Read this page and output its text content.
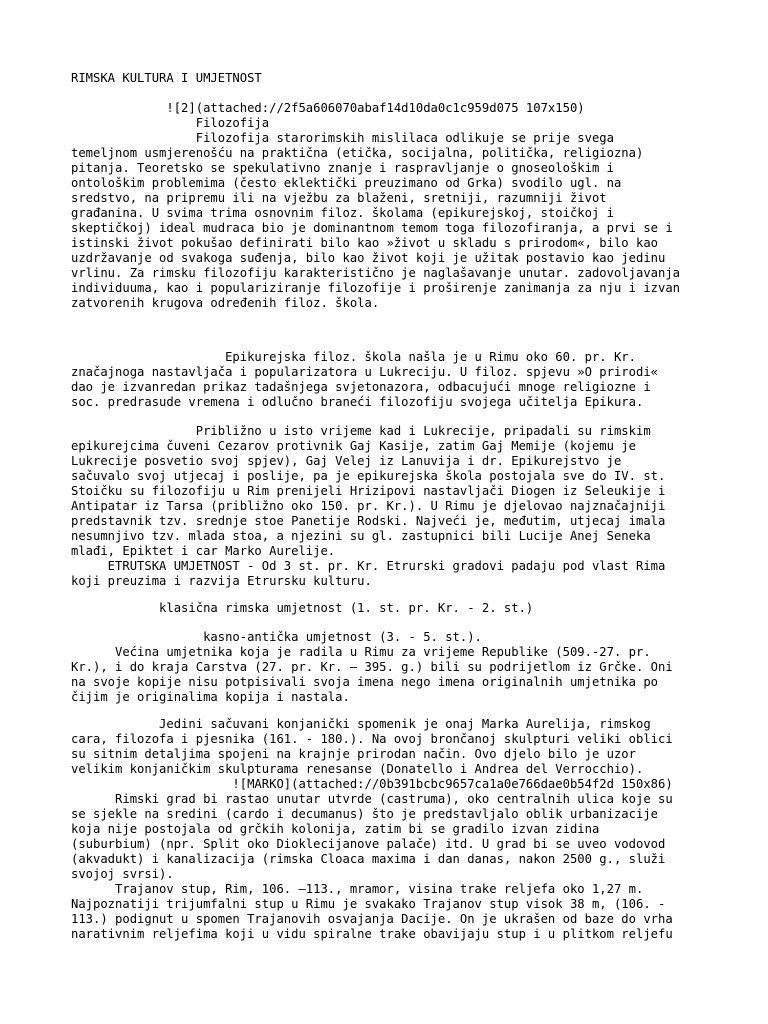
RIMSKA KULTURA I UMJETNOST

![2](attached://2f5a606070abaf14d10da0c1c959d075 107x150)

Filozofija

Filozofija starorimskih mislilaca odlikuje se prije svega

temeljnom usmjerenošću na praktična (etička, socijalna, politička, religiozna)

pitanja. Teoretsko se spekulativno znanje i raspravljanje o gnoseološkim i

ontološkim problemima (često eklektički preuzimano od Grka) svodilo ugl. na

sredstvo, na pripremu ili na vježbu za blaženi, sretniji, razumniji život

građanina. U svima trima osnovnim filoz. školama (epikurejskoj, stoičkoj i

skeptičkoj) ideal mudraca bio je dominantnom temom toga filozofiranja, a prvi se i

istinski život pokušao definirati bilo kao »život u skladu s prirodom«, bilo kao

uzdržavanje od svakoga suđenja, bilo kao život koji je užitak postavio kao jedinu

vrlinu. Za rimsku filozofiju karakteristično je naglašavanje unutar. zadovoljavanja

individuuma, kao i populariziranje filozofije i proširenje zanimanja za nju i izvan

zatvorenih krugova određenih filoz. škola.

Epikurejska filoz. škola našla je u Rimu oko 60. pr. Kr.

značajnoga nastavljača i popularizatora u Lukreciju. U filoz. spjevu »O prirodi«

dao je izvanredan prikaz tadašnjega svjetonazora, odbacujući mnoge religiozne i

soc. predrasude vremena i odlučno braneći filozofiju svojega učitelja Epikura.

Približno u isto vrijeme kad i Lukrecije, pripadali su rimskim

epikurejcima čuveni Cezarov protivnik Gaj Kasije, zatim Gaj Memije (kojemu je

Lukrecije posvetio svoj spjev), Gaj Velej iz Lanuvija i dr. Epikurejstvo je

sačuvalo svoj utjecaj i poslije, pa je epikurejska škola postojala sve do IV. st.

Stoičku su filozofiju u Rim prenijeli Hrizipovi nastavljači Diogen iz Seleukije i

Antipatar iz Tarsa (približno oko 150. pr. Kr.). U Rimu je djelovao najznačajniji

predstavnik tzv. srednje stoe Panetije Rodski. Najveći je, međutim, utjecaj imala

nesumnjivo tzv. mlada stoa, a njezini su gl. zastupnici bili Lucije Anej Seneka

mlađi, Epiktet i car Marko Aurelije.

ETRUTSKA UMJETNOST - Od 3 st. pr. Kr. Etrurski gradovi padaju pod vlast Rima

koji preuzima i razvija Etrursku kulturu.

klasična rimska umjetnost (1. st. pr. Kr. - 2. st.)

kasno-antička umjetnost (3. - 5. st.).

Većina umjetnika koja je radila u Rimu za vrijeme Republike (509.-27. pr.

Kr.), i do kraja Carstva (27. pr. Kr. – 395. g.) bili su podrijetlom iz Grčke. Oni

na svoje kopije nisu potpisivali svoja imena nego imena originalnih umjetnika po

čijim je originalima kopija i nastala.

Jedini sačuvani konjanički spomenik je onaj Marka Aurelija, rimskog

cara, filozofa i pjesnika (161. - 180.). Na ovoj brončanoj skulpturi veliki oblici

su sitnim detaljima spojeni na krajnje prirodan način. Ovo djelo bilo je uzor

velikim konjaničkim skulpturama renesanse (Donatello i Andrea del Verrocchio).

![MARKO](attached://0b391bcbc9657ca1a0e766dae0b54f2d 150x86)

Rimski grad bi rastao unutar utvrde (castruma), oko centralnih ulica koje su

se sjekle na sredini (cardo i decumanus) što je predstavljalo oblik urbanizacije

koja nije postojala od grčkih kolonija, zatim bi se gradilo izvan zidina

(suburbium) (npr. Split oko Dioklecijanove palače) itd. U grad bi se uveo vodovod

(akvadukt) i kanalizacija (rimska Cloaca maxima i dan danas, nakon 2500 g., služi

svojoj svrsi).

Trajanov stup, Rim, 106. –113., mramor, visina trake reljefa oko 1,27 m.

Najpoznatiji trijumfalni stup u Rimu je svakako Trajanov stup visok 38 m, (106. -

113.) podignut u spomen Trajanovih osvajanja Dacije. On je ukrašen od baze do vrha

narativnim reljefima koji u vidu spiralne trake obavijaju stup i u plitkom reljefu
